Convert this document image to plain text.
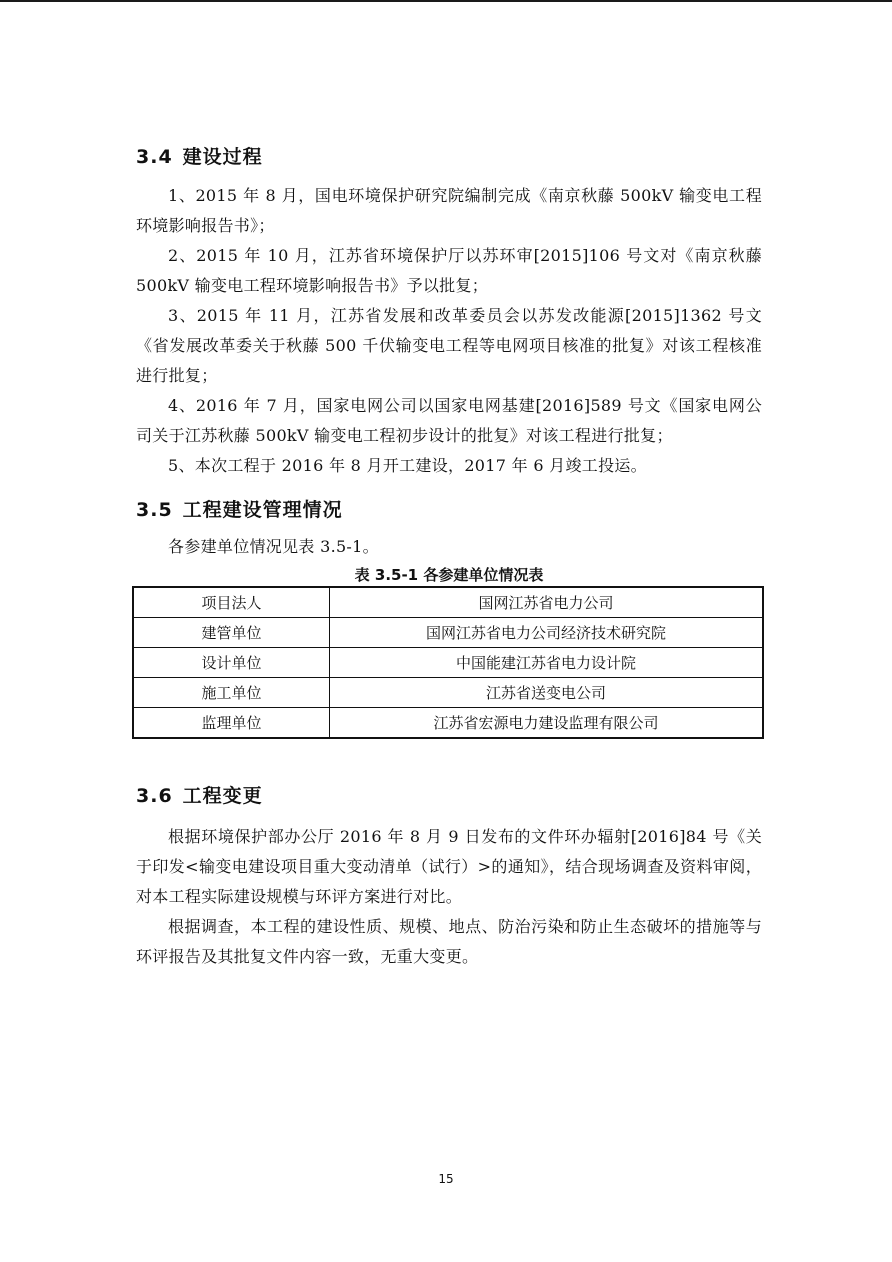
3.4 建设过程

1、2015 年 8 月，国电环境保护研究院编制完成《南京秋藤 500kV 输变电工程环境影响报告书》；

2、2015 年 10 月，江苏省环境保护厅以苏环审[2015]106 号文对《南京秋藤 500kV 输变电工程环境影响报告书》予以批复；

3、2015 年 11 月，江苏省发展和改革委员会以苏发改能源[2015]1362 号文《省发展改革委关于秋藤 500 千伏输变电工程等电网项目核准的批复》对该工程核准进行批复；

4、2016 年 7 月，国家电网公司以国家电网基建[2016]589 号文《国家电网公司关于江苏秋藤 500kV 输变电工程初步设计的批复》对该工程进行批复；

5、本次工程于 2016 年 8 月开工建设，2017 年 6 月竣工投运。

3.5 工程建设管理情况

各参建单位情况见表 3.5-1。

表 3.5-1 各参建单位情况表
项目法人	国网江苏省电力公司
建管单位	国网江苏省电力公司经济技术研究院
设计单位	中国能建江苏省电力设计院
施工单位	江苏省送变电公司
监理单位	江苏省宏源电力建设监理有限公司
3.6 工程变更

根据环境保护部办公厅 2016 年 8 月 9 日发布的文件环办辐射[2016]84 号《关于印发<输变电建设项目重大变动清单（试行）>的通知》，结合现场调查及资料审阅，对本工程实际建设规模与环评方案进行对比。

根据调查，本工程的建设性质、规模、地点、防治污染和防止生态破坏的措施等与环评报告及其批复文件内容一致，无重大变更。

15
